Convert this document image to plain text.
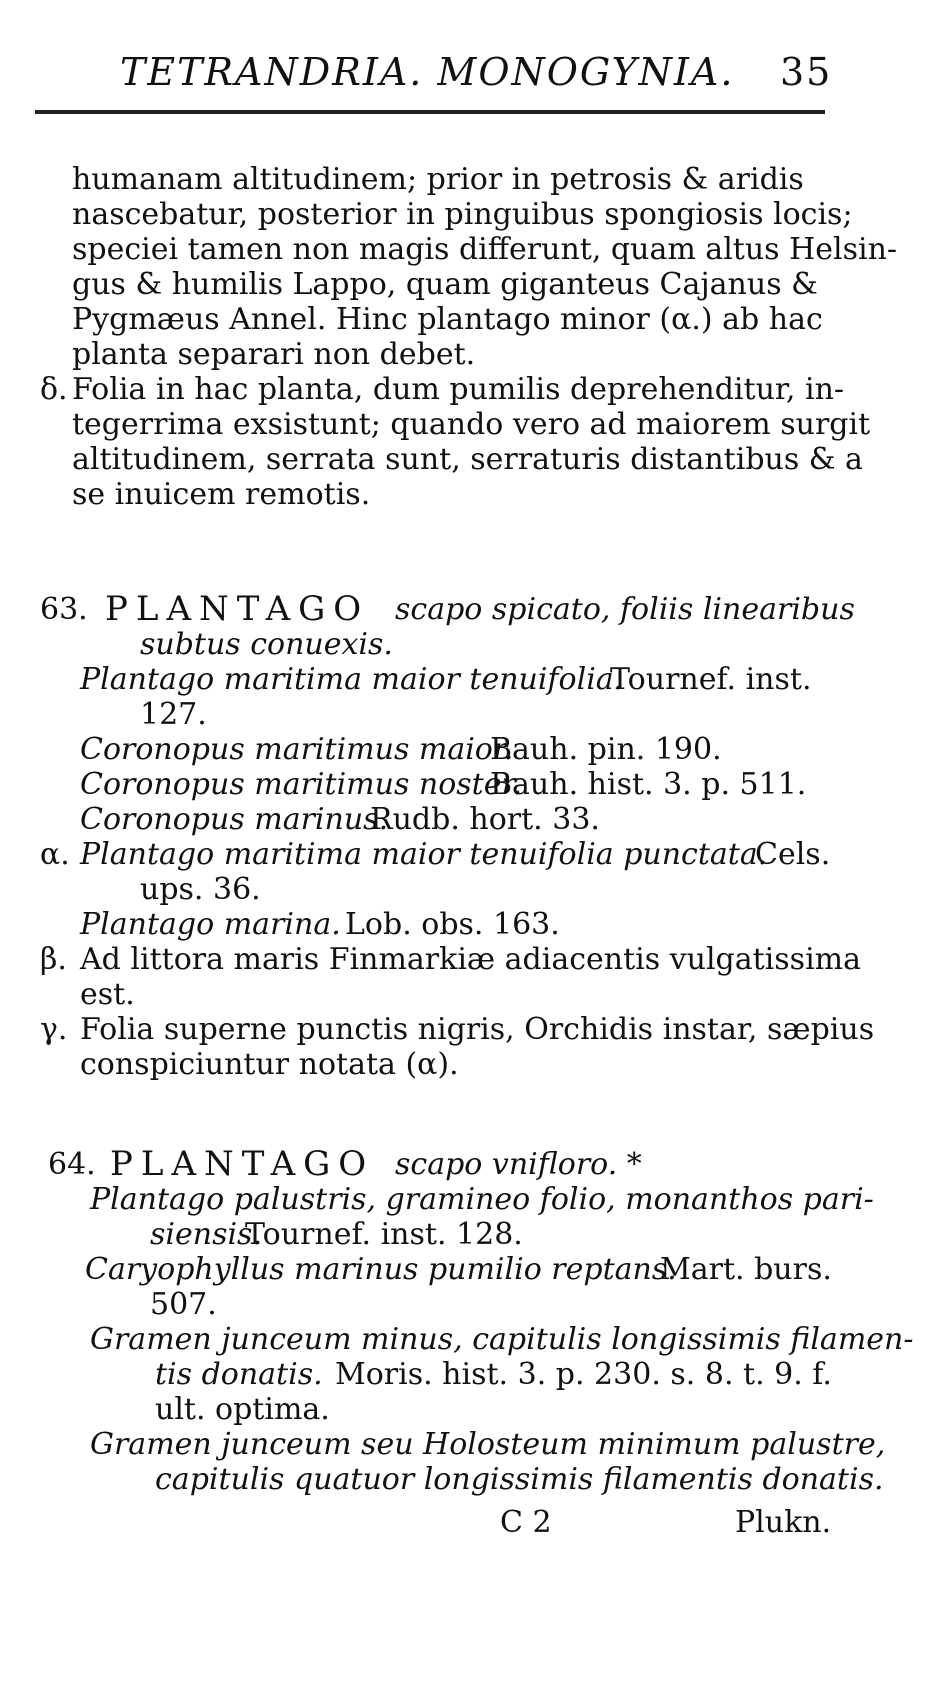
TETRANDRIA. MONOGYNIA. 35
humanam altitudinem; prior in petrosis & aridis
nascebatur, posterior in pinguibus spongiosis locis;
speciei tamen non magis differunt, quam altus Helsin-
gus & humilis Lappo, quam giganteus Cajanus &
Pygmæus Annel. Hinc plantago minor (α.) ab hac
planta separari non debet.
δ. Folia in hac planta, dum pumilis deprehenditur, in-
tegerrima exsistunt; quando vero ad maiorem surgit
altitudinem, serrata sunt, serraturis distantibus & a
se inuicem remotis.
63. PLANTAGO scapo spicato, foliis linearibus
subtus conuexis.
Plantago maritima maior tenuifolia.
Tournef. inst.
127.
Coronopus maritimus maior.
Bauh. pin. 190.
Coronopus maritimus noster.
Bauh. hist. 3. p. 511.
Coronopus marinus.
Rudb. hort. 33.
α. Plantago maritima maior tenuifolia punctata.
Cels.
ups. 36.
Plantago marina. Lob. obs. 163.
β. Ad littora maris Finmarkiæ adiacentis vulgatissima
est.
γ. Folia superne punctis nigris, Orchidis instar, sæpius
conspiciuntur notata (α).
64. PLANTAGO scapo vnifloro. *
Plantago palustris, gramineo folio, monanthos pari-
siensis.
Tournef. inst. 128.
Caryophyllus marinus pumilio reptans.
Mart. burs.
507.
Gramen junceum minus, capitulis longissimis filamen-
tis donatis. Moris. hist. 3. p. 230. s. 8. t. 9. f.
ult. optima.
Gramen junceum seu Holosteum minimum palustre,
capitulis quatuor longissimis filamentis donatis.
C 2	Plukn.
